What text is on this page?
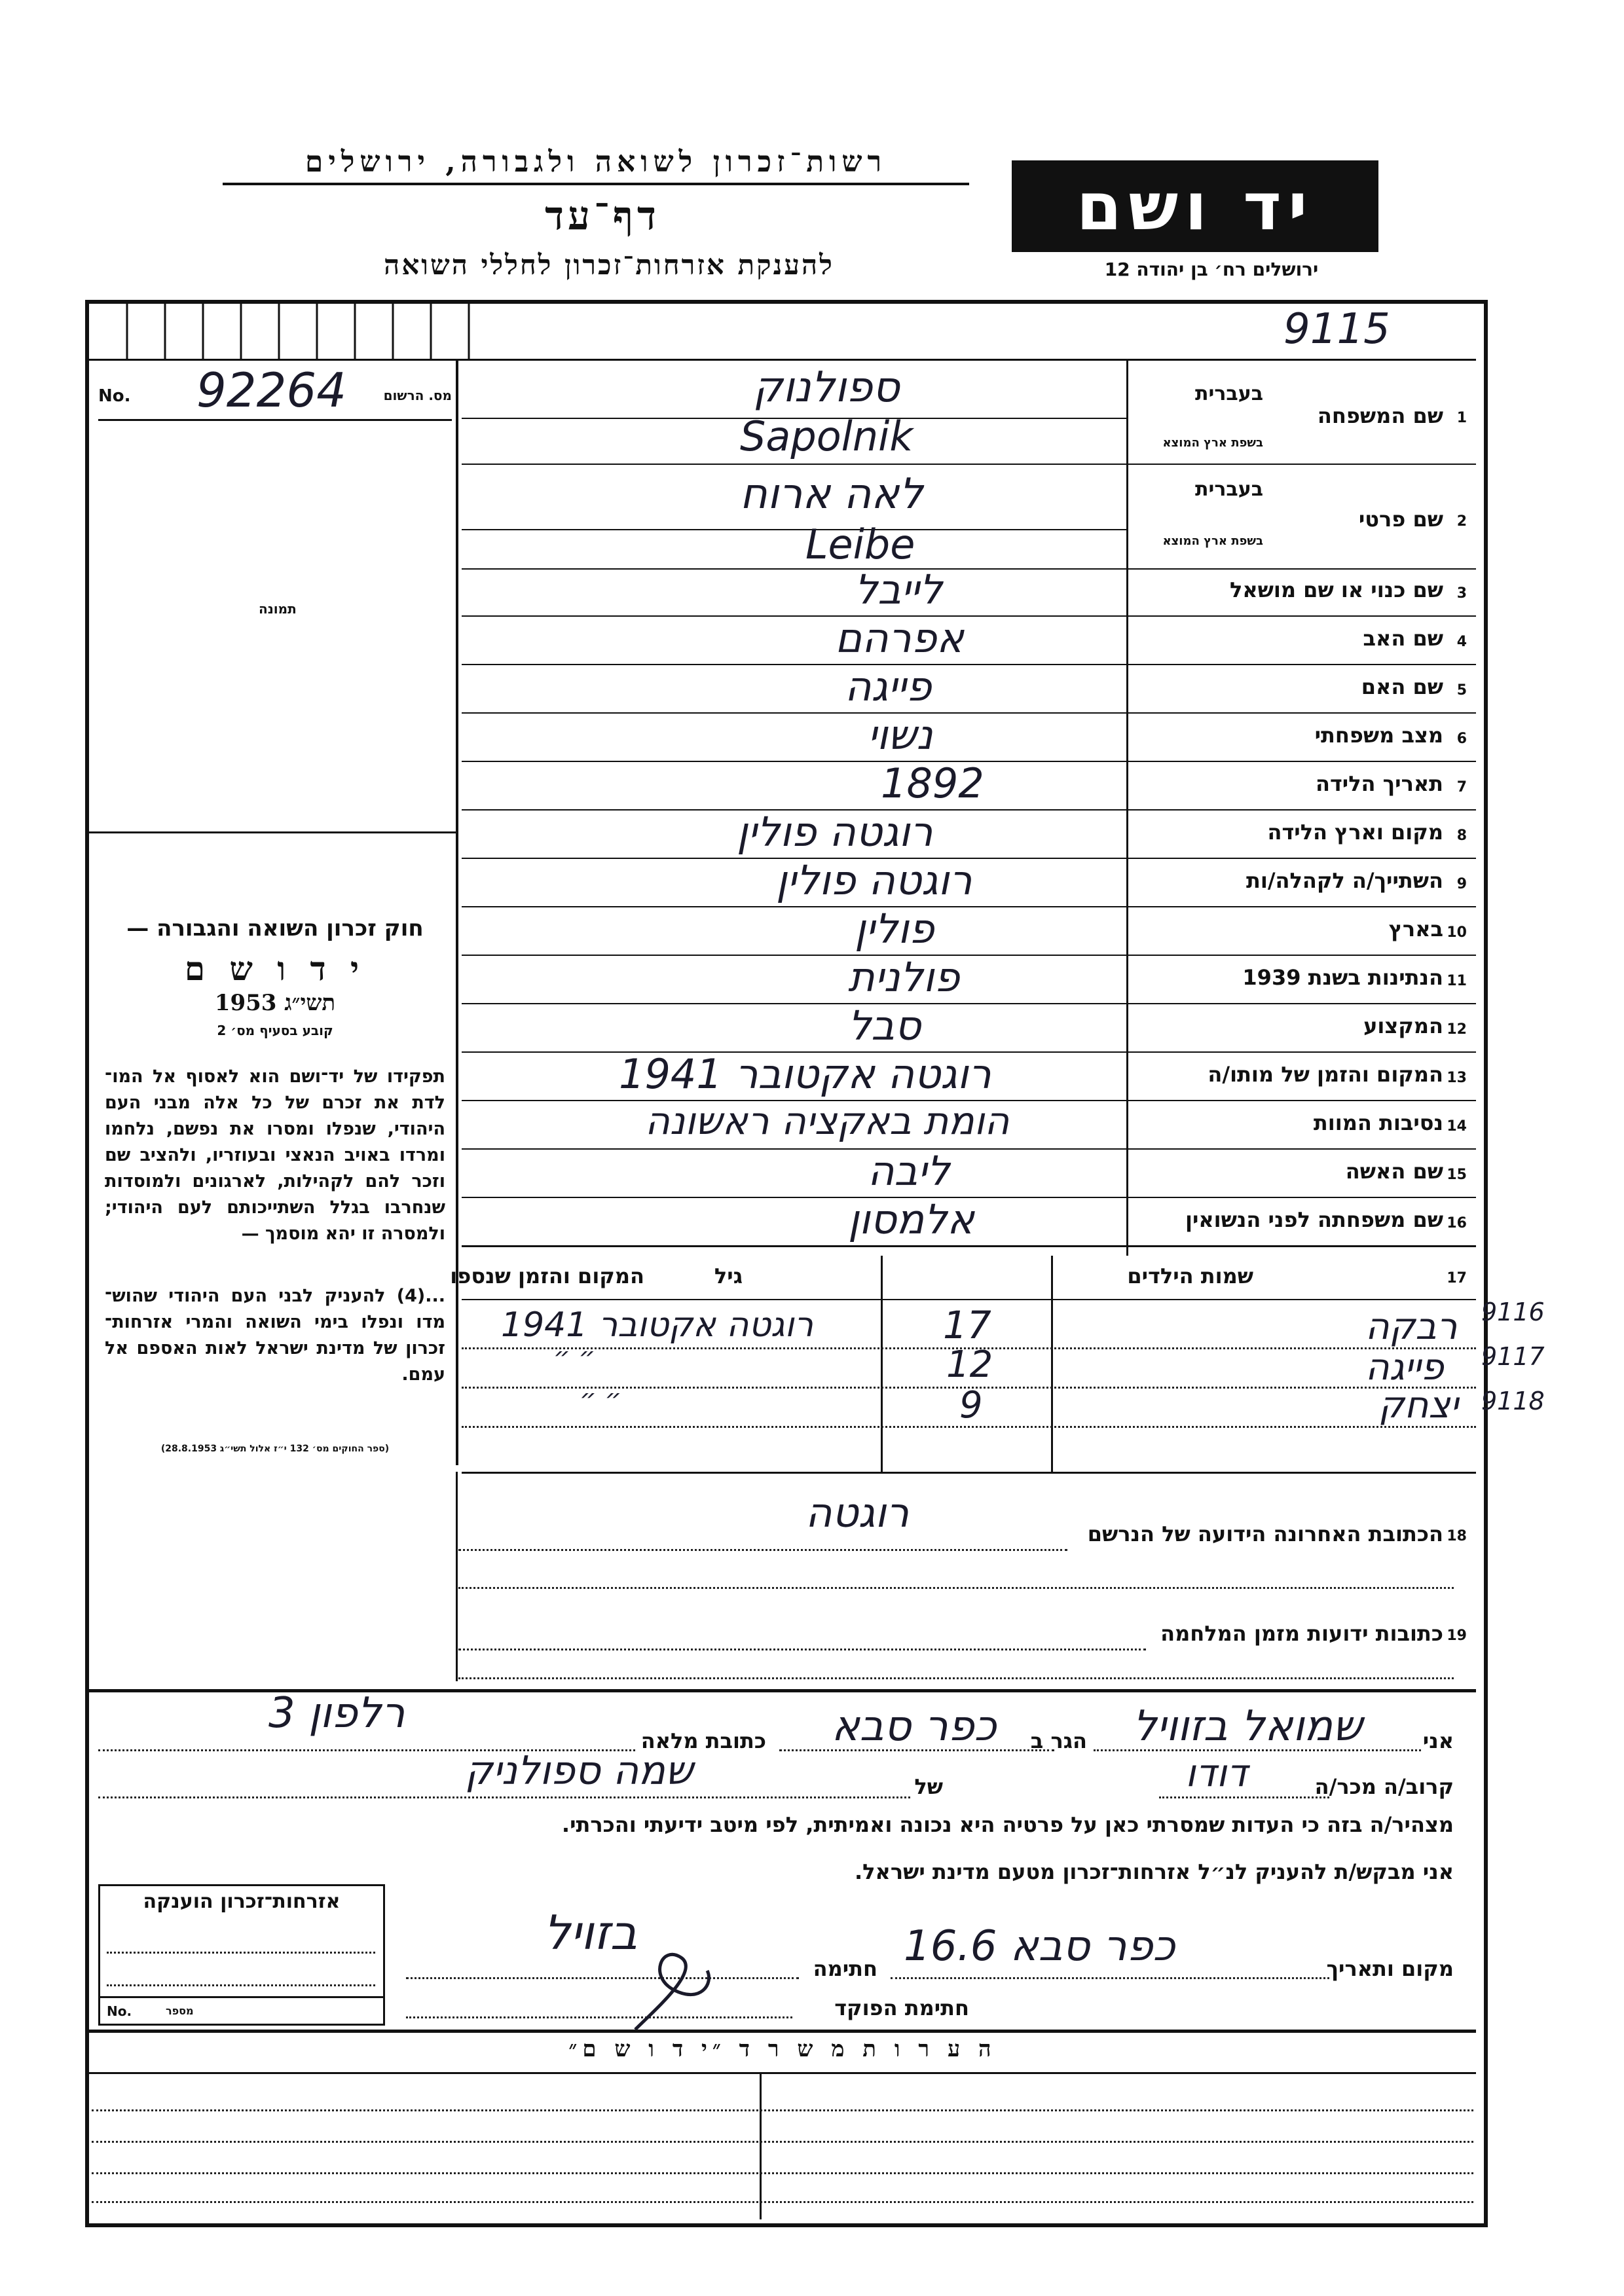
רשות־זכרון לשואה ולגבורה, ירושלים
דף־עד
להענקת אזרחות־זכרון לחללי השואה
יד ושם
ירושלים רח׳ בן יהודה 12
9115
No. 92264	מס. הרשום
תמונה
חוק זכרון השואה והגבורה —
י ד ו ש ם
תשי״ג 1953
קובע בסעיף מס׳ 2
תפקידו של יד־ושם הוא לאסוף אל המו־ לדת את זכרם של כל אלה מבני העם היהודי, שנפלו ומסרו את נפשם, נלחמו ומרדו באויב הנאצי ובעוזריו, ולהציב שם וזכר להם לקהילות, לארגונים ולמוסדות שנחרבו בגלל השתייכותם לעם היהודי; ולמסרה זו יהא מוסמך —
...(4) להעניק לבני העם היהודי שהוש־ מדו ונפלו בימי השואה והמרי אזרחות־ זכרון של מדינת ישראל לאות האספם אל עמם.
(ספר החוקים מס׳ 132 י״ז אלול תשי״ג 28.8.1953)
1
שם המשפחה
בעברית
בשפת ארץ המוצא
ספולנוק
Sapolnik
2
שם פרטי
בעברית
בשפת ארץ המוצא
לאה ארוח
Leibe
3
שם כנוי או שם מושאל
לייבל
4
שם האב
אפרהם
5
שם האם
פייגה
6
מצב משפחתי
נשוי
7
תאריך הלידה
1892
8
מקום וארץ הלידה
רוגטה פולין
9
השתייך/ה לקהלה/ות
רוגטה פולין
10
בארץ
פולין
11
הנתינות בשנת 1939
פולנית
12
המקצוע
סבל
13
המקום והזמן של מותו/ה
רוגטה אקטובר 1941
14
נסיבות המוות
הומת באקציה ראשונה
15
שם האשה
ליבה
16
שם משפחתה לפני הנשואין
אלמסון
17
שמות הילדים
גיל
המקום והזמן שנספו
רבקה
17
רוגטה אקטובר 1941
פייגה
12
״ ״
יצחק
9
״ ״
9116
9117
9118
18
הכתובת האחרונה הידועה של הנרשם
רוגטה
19
כתובות ידועות מזמן המלחמה
אני
שמואל בזוויל
הגר ב
כפר סבא
כתובת מלאה
רלפון 3
קרוב/ה מכר/ה
דודו
של
שמה ספולניק
מצהיר/ה בזה כי העדות שמסרתי כאן על פרטיה היא נכונה ואמיתית, לפי מיטב ידיעתי והכרתי.
אני מבקש/ת להעניק לנ״ל אזרחות־זכרון מטעם מדינת ישראל.
אזרחות־זכרון הוענקה
No.	מספר
מקום ותאריך
כפר סבא 16.6
חתימה
בזויל
חתימת הפוקד
ה ע ר ו ת מ ש ר ד ״י ד ו ש ם״
